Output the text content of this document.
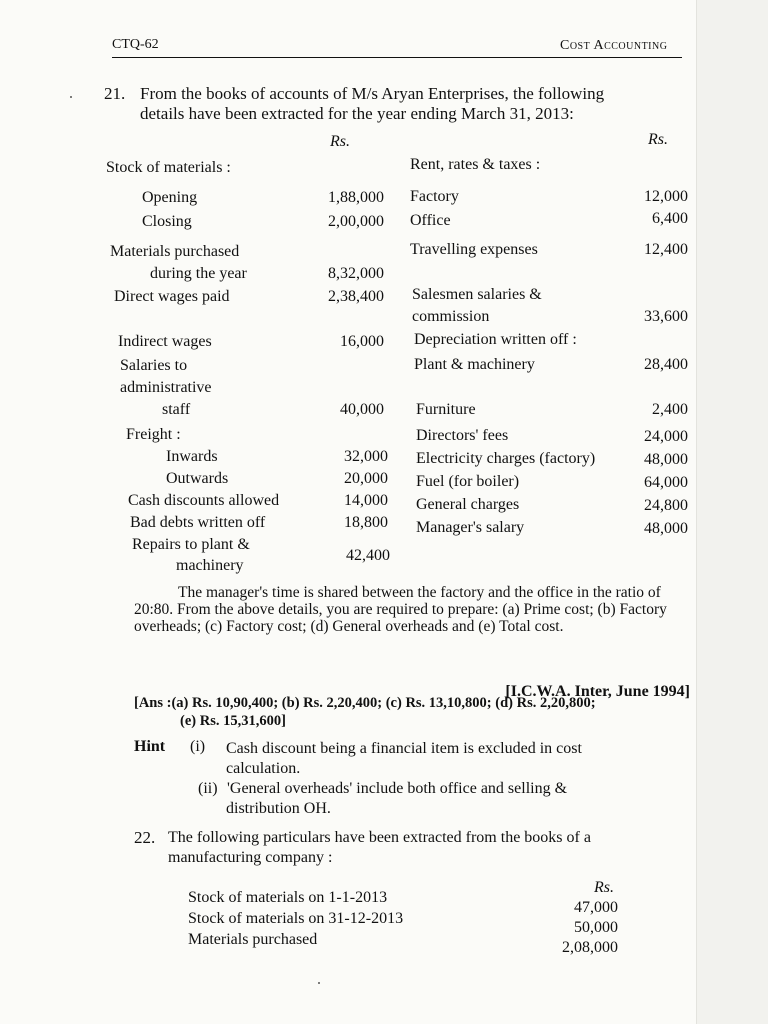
CTQ-62	Cost Accounting
21. From the books of accounts of M/s Aryan Enterprises, the following
details have been extracted for the year ending March 31, 2013:
Rs.	Rs.
Stock of materials :
Opening
Closing
Materials purchased
during the year
Direct wages paid
Indirect wages
Salaries to
administrative
staff
Freight :
Inwards
Outwards
Cash discounts allowed
Bad debts written off
Repairs to plant &
machinery
1,88,000
2,00,000
8,32,000
2,38,400
16,000
40,000
32,000
20,000
14,000
18,800
42,400
Rent, rates & taxes :
Factory
Office
Travelling expenses
Salesmen salaries &
commission
Depreciation written off :
Plant & machinery
Furniture
Directors' fees
Electricity charges (factory)
Fuel (for boiler)
General charges
Manager's salary
12,000
6,400
12,400
33,600
28,400
2,400
24,000
48,000
64,000
24,800
48,000
The manager's time is shared between the factory and the office in the ratio of 20:80. From the above details, you are required to prepare: (a) Prime cost; (b) Factory overheads; (c) Factory cost; (d) General overheads and (e) Total cost.
[I.C.W.A. Inter, June 1994]
[Ans :(a) Rs. 10,90,400; (b) Rs. 2,20,400; (c) Rs. 13,10,800; (d) Rs. 2,20,800;
(e) Rs. 15,31,600]
Hint (i) Cash discount being a financial item is excluded in cost
calculation.
(ii) 'General overheads' include both office and selling &
distribution OH.
22. The following particulars have been extracted from the books of a
manufacturing company :
Rs.
Stock of materials on 1-1-2013
Stock of materials on 31-12-2013
Materials purchased
47,000
50,000
2,08,000
